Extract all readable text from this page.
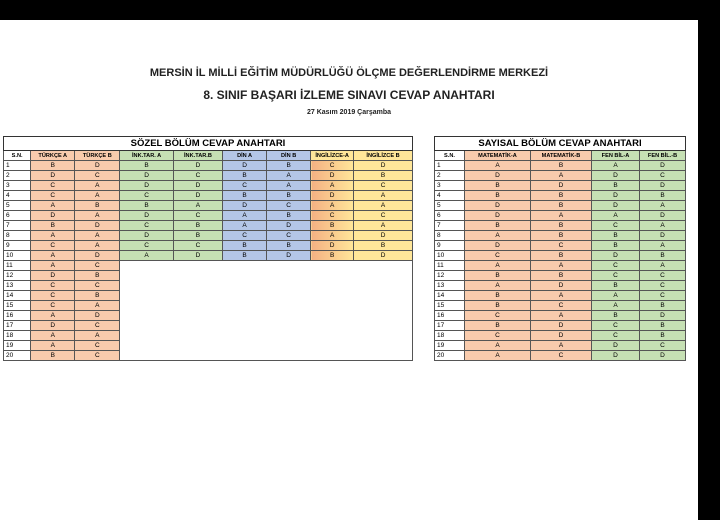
MERSİN İL MİLLİ EĞİTİM MÜDÜRLÜĞÜ ÖLÇME DEĞERLENDİRME MERKEZİ
8. SINIF BAŞARI İZLEME SINAVI CEVAP ANAHTARI
27 Kasım 2019 Çarşamba
SÖZEL BÖLÜM CEVAP ANAHTARI								
S.N.	TÜRKÇE A	TÜRKÇE B	İNK.TAR. A	İNK.TAR.B	DİN A	DİN B	İNGİLİZCE-A	İNGİLİZCE B
1	B	D	B	D	D	B	C	D
2	D	C	D	C	B	A	D	B
3	C	A	D	D	C	A	A	C
4	C	A	C	D	B	B	D	A
5	A	B	B	A	D	C	A	A
6	D	A	D	C	A	B	C	C
7	B	D	C	B	A	D	B	A
8	A	A	D	B	C	C	A	D
9	C	A	C	C	B	B	D	B
10	A	D	A	D	B	D	B	D
11	A	C						
12	D	B						
13	C	C						
14	C	B						
15	C	A						
16	A	D						
17	D	C						
18	A	A						
19	A	C						
20	B	C						
SAYISAL BÖLÜM CEVAP ANAHTARI				
S.N.	MATEMATİK-A	MATEMATİK-B	FEN BİL-A	FEN BİL.-B
1	A	B	A	D
2	D	A	D	C
3	B	D	B	D
4	B	B	D	B
5	D	B	D	A
6	D	A	A	D
7	B	B	C	A
8	A	B	B	D
9	D	C	B	A
10	C	B	D	B
11	A	A	C	A
12	B	B	C	C
13	A	D	B	C
14	B	A	A	C
15	B	C	A	B
16	C	A	B	D
17	B	D	C	B
18	C	D	C	B
19	A	A	D	C
20	A	C	D	D
